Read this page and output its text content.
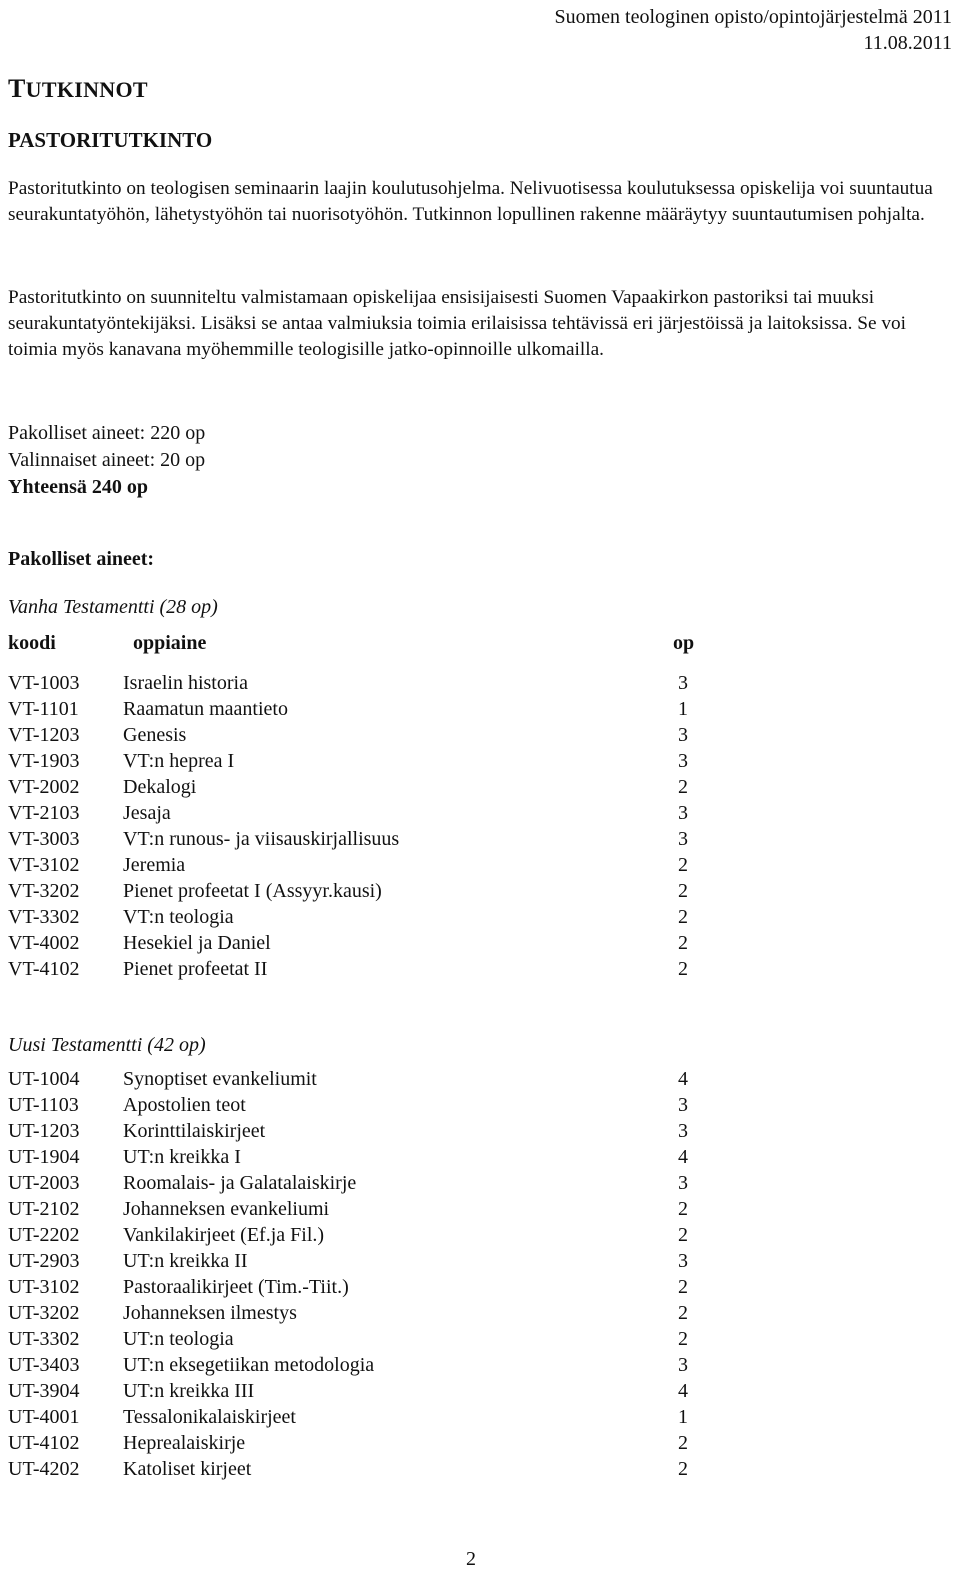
Suomen teologinen opisto/opintojärjestelmä 2011
11.08.2011
TUTKINNOT
PASTORITUTKINTO
Pastoritutkinto on teologisen seminaarin laajin koulutusohjelma. Nelivuotisessa koulutuksessa opiskelija voi suuntautua seurakuntatyöhön, lähetystyöhön tai nuorisotyöhön. Tutkinnon lopullinen rakenne määräytyy suuntautumisen pohjalta.
Pastoritutkinto on suunniteltu valmistamaan opiskelijaa ensisijaisesti Suomen Vapaakirkon pastoriksi tai muuksi seurakuntatyöntekijäksi. Lisäksi se antaa valmiuksia toimia erilaisissa tehtävissä eri järjestöissä ja laitoksissa. Se voi toimia myös kanavana myöhemmille teologisille jatko-opinnoille ulkomailla.
Pakolliset aineet: 220 op
Valinnaiset aineet: 20 op
Yhteensä 240 op
Pakolliset aineet:
Vanha Testamentti (28 op)
koodi	oppiaine	op
VT-1003 Israelin historia	3
VT-1101 Raamatun maantieto	1
VT-1203 Genesis	3
VT-1903 VT:n heprea I	3
VT-2002 Dekalogi	2
VT-2103 Jesaja	3
VT-3003 VT:n runous- ja viisauskirjallisuus	3
VT-3102 Jeremia	2
VT-3202 Pienet profeetat I (Assyyr.kausi)	2
VT-3302 VT:n teologia	2
VT-4002 Hesekiel ja Daniel	2
VT-4102 Pienet profeetat II	2
Uusi Testamentti (42 op)
UT-1004 Synoptiset evankeliumit	4
UT-1103 Apostolien teot	3
UT-1203 Korinttilaiskirjeet	3
UT-1904 UT:n kreikka I	4
UT-2003 Roomalais- ja Galatalaiskirje	3
UT-2102 Johanneksen evankeliumi	2
UT-2202 Vankilakirjeet (Ef.ja Fil.)	2
UT-2903 UT:n kreikka II	3
UT-3102 Pastoraalikirjeet (Tim.-Tiit.)	2
UT-3202 Johanneksen ilmestys	2
UT-3302 UT:n teologia	2
UT-3403 UT:n eksegetiikan metodologia	3
UT-3904 UT:n kreikka III	4
UT-4001 Tessalonikalaiskirjeet	1
UT-4102 Heprealaiskirje	2
UT-4202 Katoliset kirjeet	2
2
